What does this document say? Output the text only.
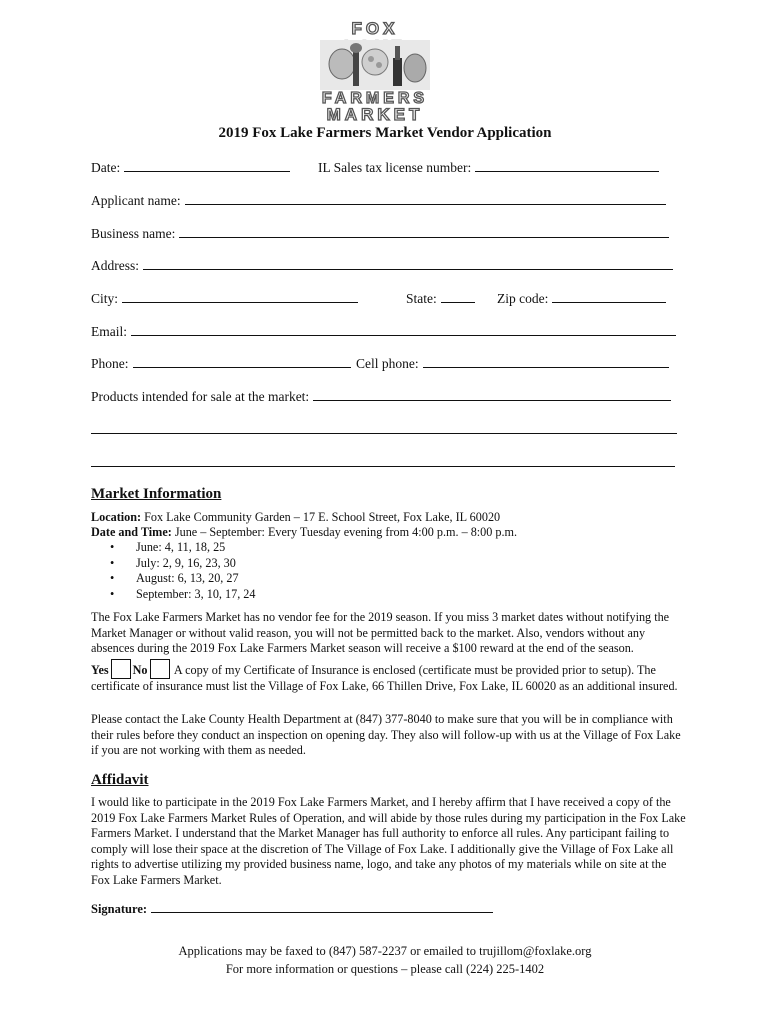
FOX
FARMERS
MARKET
2019 Fox Lake Farmers Market Vendor Application
Date:	IL Sales tax license number:
Applicant name:
Business name:
Address:
City:	State:	Zip code:
Email:
Phone:	Cell phone:
Products intended for sale at the market:
Market Information
Location: Fox Lake Community Garden – 17 E. School Street, Fox Lake, IL 60020
Date and Time: June – September: Every Tuesday evening from 4:00 p.m. – 8:00 p.m.
• June: 4, 11, 18, 25
• July: 2, 9, 16, 23, 30
• August: 6, 13, 20, 27
• September: 3, 10, 17, 24
The Fox Lake Farmers Market has no vendor fee for the 2019 season. If you miss 3 market dates without notifying the Market Manager or without valid reason, you will not be permitted back to the market. Also, vendors without any absences during the 2019 Fox Lake Farmers Market season will receive a $100 reward at the end of the season.
Yes No A copy of my Certificate of Insurance is enclosed (certificate must be provided prior to setup). The certificate of insurance must list the Village of Fox Lake, 66 Thillen Drive, Fox Lake, IL 60020 as an additional insured.
Please contact the Lake County Health Department at (847) 377-8040 to make sure that you will be in compliance with their rules before they conduct an inspection on opening day. They also will follow-up with us at the Village of Fox Lake if you are not working with them as needed.
Affidavit
I would like to participate in the 2019 Fox Lake Farmers Market, and I hereby affirm that I have received a copy of the 2019 Fox Lake Farmers Market Rules of Operation, and will abide by those rules during my participation in the Fox Lake Farmers Market. I understand that the Market Manager has full authority to enforce all rules. Any participant failing to comply will lose their space at the discretion of The Village of Fox Lake. I additionally give the Village of Fox Lake all rights to advertise utilizing my provided business name, logo, and take any photos of my materials while on site at the Fox Lake Farmers Market.
Signature:
Applications may be faxed to (847) 587-2237 or emailed to trujillom@foxlake.org
For more information or questions – please call (224) 225-1402
